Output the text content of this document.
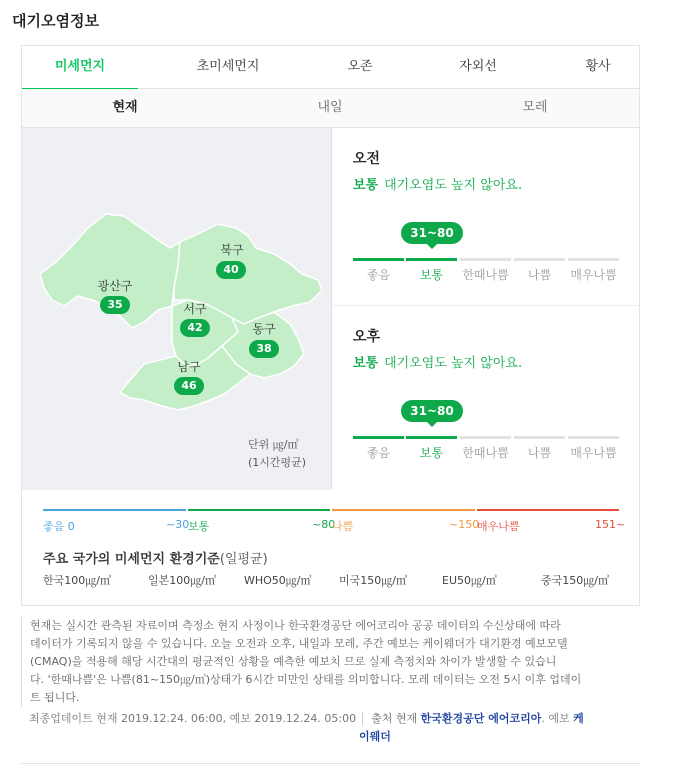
대기오염정보
미세먼지	초미세먼지	오존	자외선	황사
현재	내일	모레
광산구
35
북구
40
서구
42	동구
38
남구
46
단위 ㎍/㎥
(1시간평균)
오전
보통 대기오염도 높지 않아요.
31~80
좋음	보통	한때나쁨	나쁨	매우나쁨
오후
보통 대기오염도 높지 않아요.
31~80
좋음	보통	한때나쁨	나쁨	매우나쁨
좋음 0	~30
보통	~80
나쁨	~150
매우나쁨	151~
주요 국가의 미세먼지 환경기준(일평균)
한국100㎍/㎥	일본100㎍/㎥	WHO50㎍/㎥ 미국150㎍/㎥	EU50㎍/㎥	중국150㎍/㎥
현재는 실시간 관측된 자료이며 측정소 현지 사정이나 한국환경공단 에어코리아 공공 데이터의 수신상태에 따라
데이터가 기록되지 않을 수 있습니다. 오늘 오전과 오후, 내일과 모레, 주간 예보는 케이웨더가 대기환경 예보모델
(CMAQ)을 적용해 해당 시간대의 평균적인 상황을 예측한 예보치 므로 실제 측정치와 차이가 발생할 수 있습니
다. '한때나쁨'은 나쁨(81~150㎍/㎥)상태가 6시간 미만인 상태를 의미합니다. 모레 데이터는 오전 5시 이후 업데이
트 됩니다.
최종업데이트 현재 2019.12.24. 06:00, 예보 2019.12.24. 05:00 출처 현재 한국환경공단 에어코리아. 예보 케
이웨더
